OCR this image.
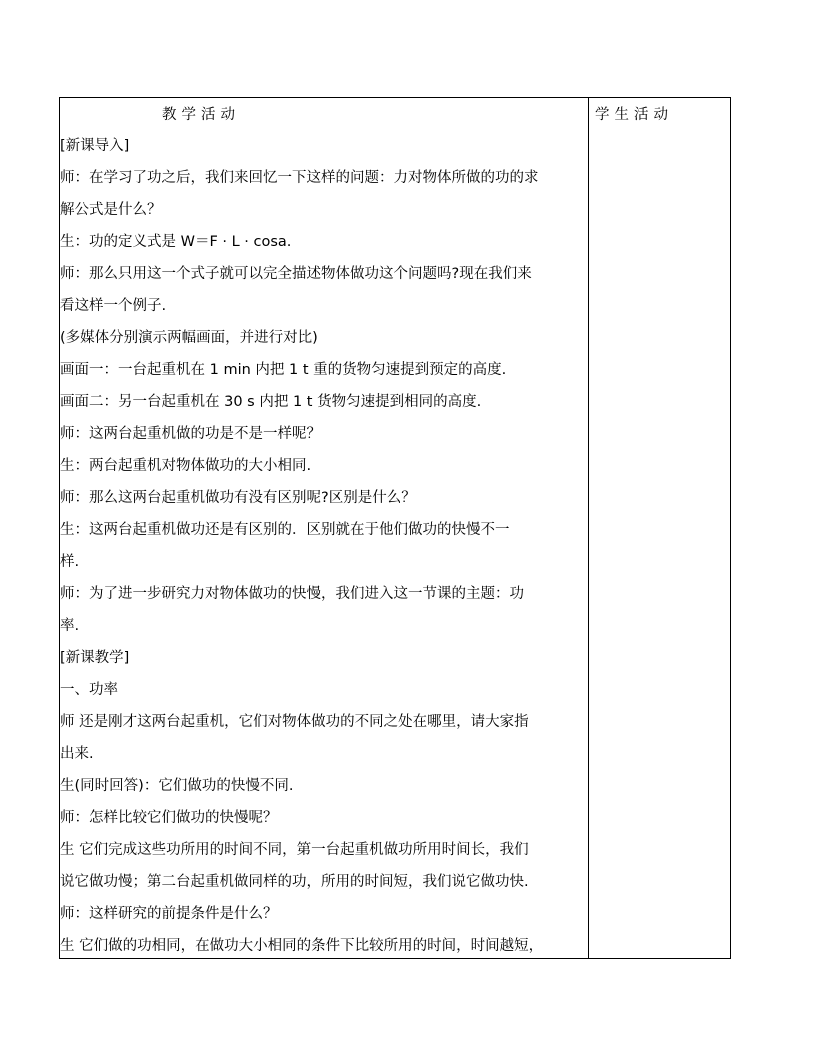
教学活动
[新课导入]
师：在学习了功之后，我们来回忆一下这样的问题：力对物体所做的功的求
解公式是什么？
生：功的定义式是 W＝F · L · cosa.
师：那么只用这一个式子就可以完全描述物体做功这个问题吗?现在我们来
看这样一个例子.
(多媒体分别演示两幅画面，并进行对比)
画面一：一台起重机在 1 min 内把 1 t 重的货物匀速提到预定的高度.
画面二：另一台起重机在 30 s 内把 1 t 货物匀速提到相同的高度.
师：这两台起重机做的功是不是一样呢？
生：两台起重机对物体做功的大小相同.
师：那么这两台起重机做功有没有区别呢?区别是什么？
生：这两台起重机做功还是有区别的．区别就在于他们做功的快慢不一
样.
师：为了进一步研究力对物体做功的快慢，我们进入这一节课的主题：功
率.
[新课教学]
一、功率
师 还是刚才这两台起重机，它们对物体做功的不同之处在哪里，请大家指
出来.
生(同时回答)：它们做功的快慢不同.
师：怎样比较它们做功的快慢呢？
生 它们完成这些功所用的时间不同，第一台起重机做功所用时间长，我们
说它做功慢；第二台起重机做同样的功，所用的时间短，我们说它做功快.
师：这样研究的前提条件是什么？
生 它们做的功相同，在做功大小相同的条件下比较所用的时间，时间越短，
学生活动
